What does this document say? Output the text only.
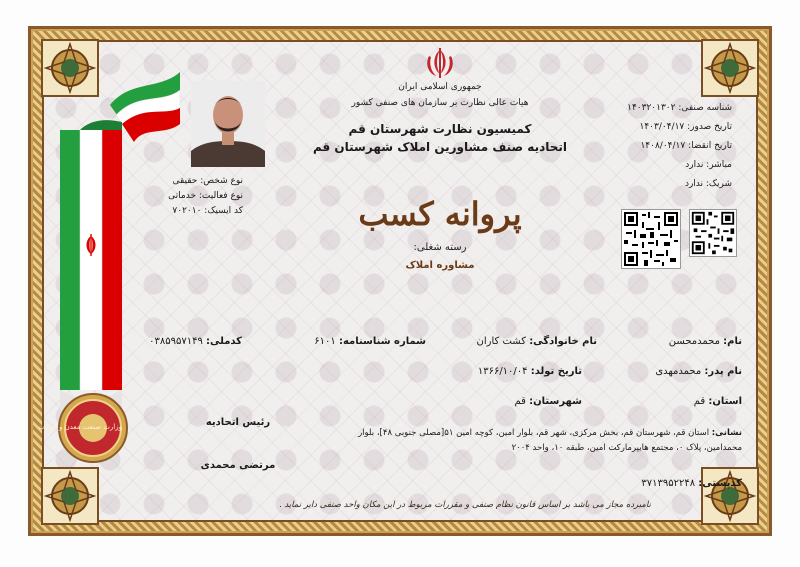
وزارت صنعت معدن و تجارت
نوع شخص: حقیقی
نوع فعالیت: خدماتی
کد ایسیک: ۷۰۲۰۱۰
جمهوری اسلامی ایران
هیات عالی نظارت بر سازمان های صنفی کشور
کمیسیون نظارت شهرستان قم
اتحادیه صنف مشاورین املاک شهرستان قم
پروانه کسب
رسته شغلی:
مشاوره املاک
شناسه صنفی: ۱۴۰۳۲۰۱۳۰۲
تاریخ صدور: ۱۴۰۳/۰۴/۱۷
تاریخ انقضا: ۱۴۰۸/۰۴/۱۷
مباشر: ندارد
شریک: ندارد
نام: محمدمحسن
نام خانوادگی: کشت کاران
شماره شناسنامه: ۶۱۰۱
کدملی: ۰۳۸۵۹۵۷۱۴۹
نام پدر: محمدمهدی
تاریخ تولد: ۱۳۶۶/۱۰/۰۴
استان: قم
شهرستان: قم
نشانی: استان قم، شهرستان قم، بخش مرکزی، شهر قم، بلوار امین، کوچه امین ۵۱[مصلی جنوبی ۴۸]، بلوار
محمدامین، پلاک ۰، مجتمع هایپرمارکت امین، طبقه ۱۰، واحد ۲۰۰۴
کدپستی: ۳۷۱۳۹۵۲۲۴۸
رئیس اتحادیه
مرتضی محمدی
نامبرده مجاز می باشد بر اساس قانون نظام صنفی و مقررات مربوط در این مکان واحد صنفی دایر نماید .
